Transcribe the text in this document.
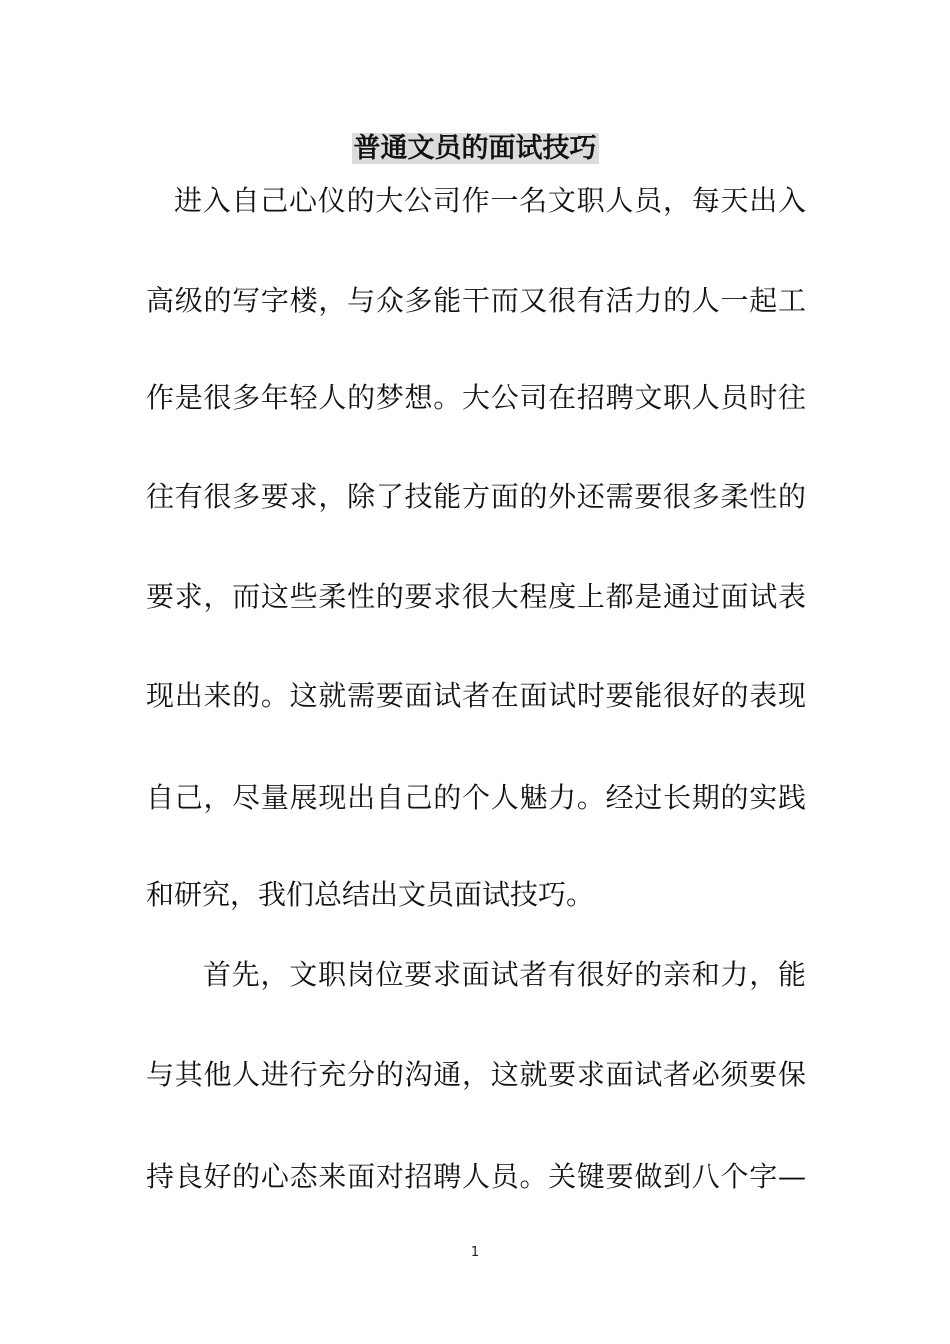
普通文员的面试技巧
进入自己心仪的大公司作一名文职人员，每天出入
高级的写字楼，与众多能干而又很有活力的人一起工
作是很多年轻人的梦想。大公司在招聘文职人员时往
往有很多要求，除了技能方面的外还需要很多柔性的
要求，而这些柔性的要求很大程度上都是通过面试表
现出来的。这就需要面试者在面试时要能很好的表现
自己，尽量展现出自己的个人魅力。经过长期的实践
和研究，我们总结出文员面试技巧。
首先，文职岗位要求面试者有很好的亲和力，能
与其他人进行充分的沟通，这就要求面试者必须要保
持良好的心态来面对招聘人员。关键要做到八个字—
1
